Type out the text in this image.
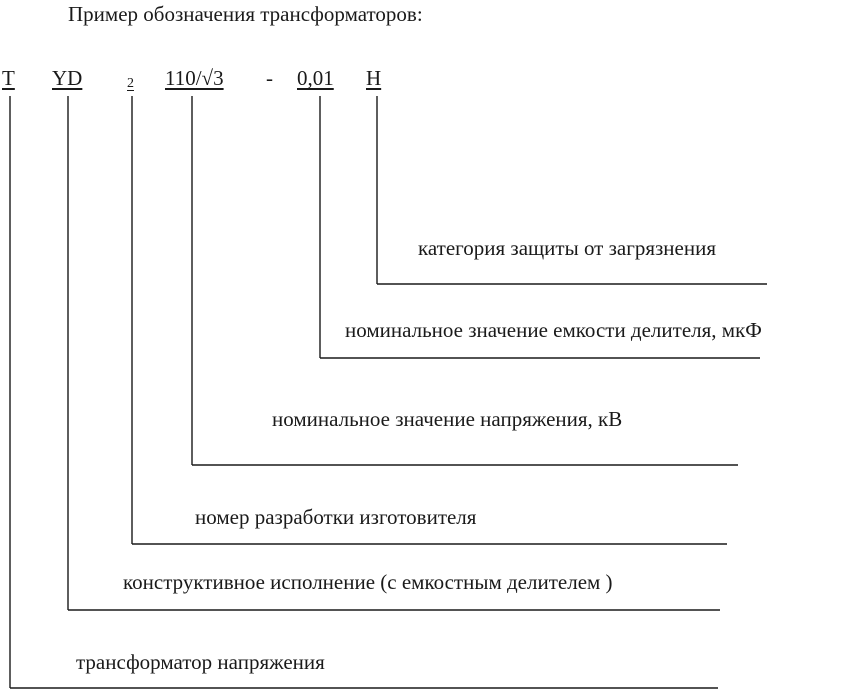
Пример обозначения трансформаторов:
Т YD	2 110/√3 - 0,01 Н
категория защиты от загрязнения
номинальное значение емкости делителя, мкФ
номинальное значение напряжения, кВ
номер разработки изготовителя
конструктивное исполнение (с емкостным делителем )
трансформатор напряжения
